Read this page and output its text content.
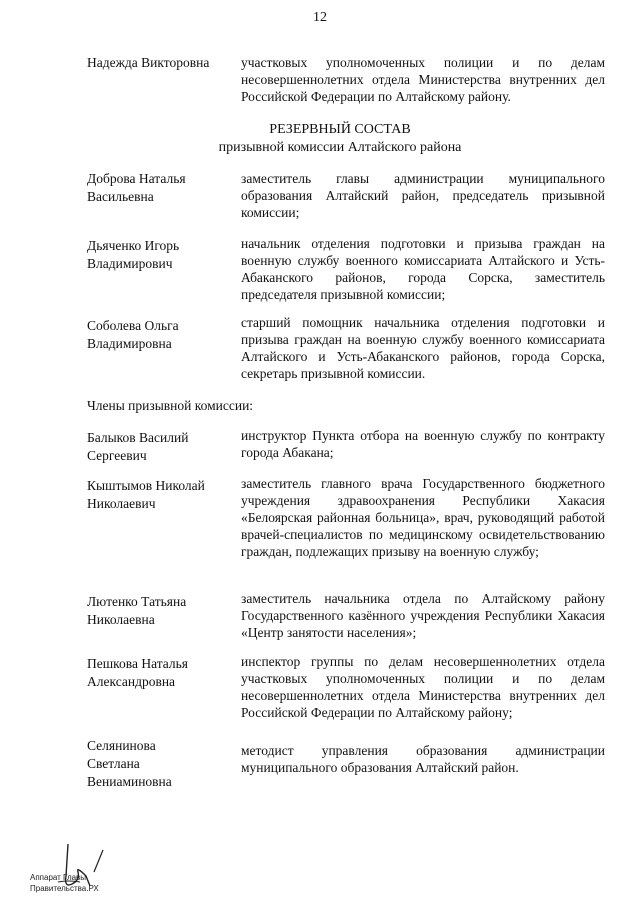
12
Надежда Викторовна	участковых уполномоченных полиции и по делам несовершеннолетних отдела Министерства внутренних дел Российской Федерации по Алтайскому району.
РЕЗЕРВНЫЙ СОСТАВ
призывной комиссии Алтайского района
Доброва Наталья Васильевна
заместитель главы администрации муниципального образования Алтайский район, председатель призывной комиссии;
Дьяченко Игорь Владимирович
начальник отделения подготовки и призыва граждан на военную службу военного комиссариата Алтайского и Усть-Абаканского районов, города Сорска, заместитель председателя призывной комиссии;
Соболева Ольга Владимировна
старший помощник начальника отделения подготовки и призыва граждан на военную службу военного комиссариата Алтайского и Усть-Абаканского районов, города Сорска, секретарь призывной комиссии.
Члены призывной комиссии:
Балыков Василий Сергеевич
инструктор Пункта отбора на военную службу по контракту города Абакана;
Кыштымов Николай Николаевич
заместитель главного врача Государственного бюджетного учреждения здравоохранения Республики Хакасия «Белоярская районная больница», врач, руководящий работой врачей-специалистов по медицинскому освидетельствованию граждан, подлежащих призыву на военную службу;
Лютенко Татьяна Николаевна
заместитель начальника отдела по Алтайскому району Государственного казённого учреждения Республики Хакасия «Центр занятости населения»;
Пешкова Наталья Александровна
инспектор группы по делам несовершеннолетних отдела участковых уполномоченных полиции и по делам несовершеннолетних отдела Министерства внутренних дел Российской Федерации по Алтайскому району;
Селянинова Светлана Вениаминовна
методист управления образования администрации муниципального образования Алтайский район.
Аппарат Главы
Правительства.РХ
